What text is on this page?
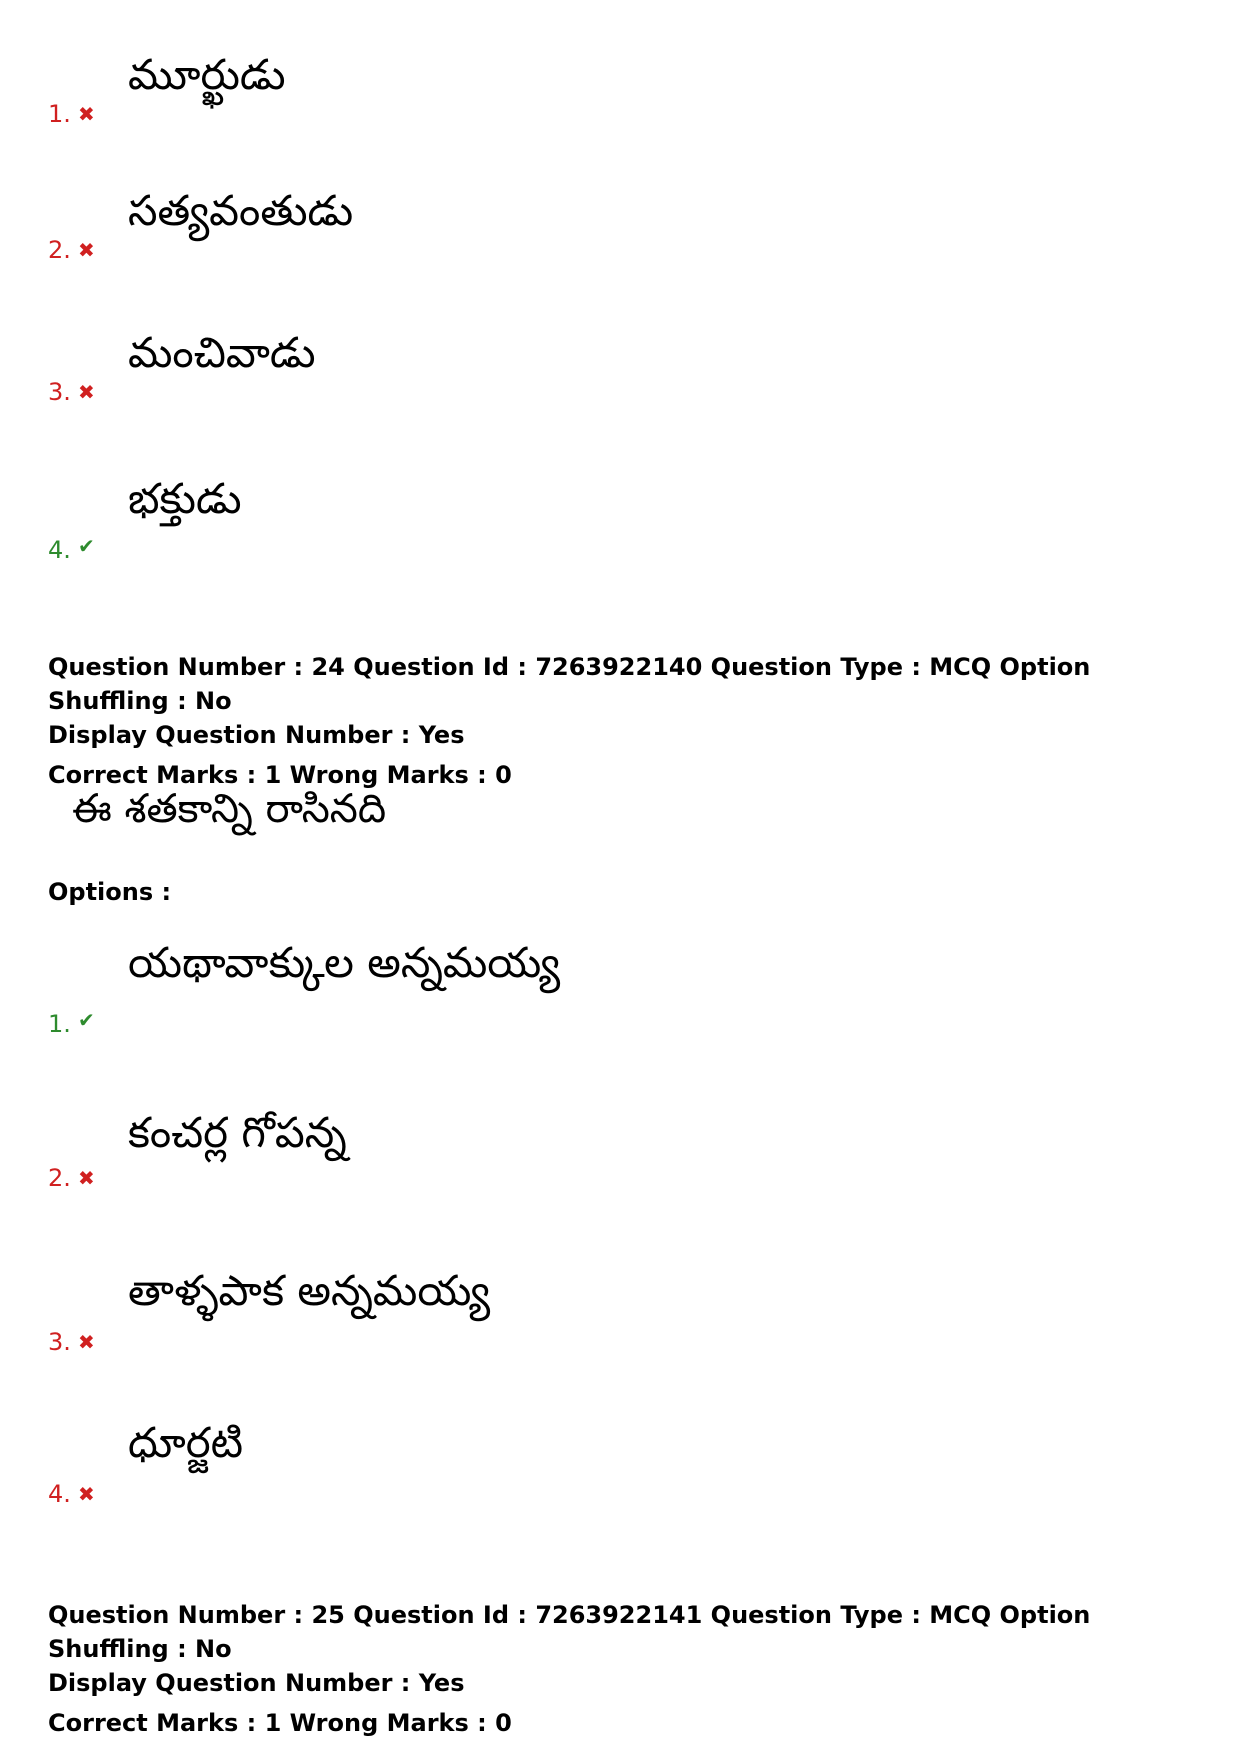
మూర్ఖుడు
1. ✖
సత్యవంతుడు
2. ✖
మంచివాడు
3. ✖
భక్తుడు
4. ✔
Question Number : 24 Question Id : 7263922140 Question Type : MCQ Option Shuffling : No
Display Question Number : Yes
Correct Marks : 1 Wrong Marks : 0
ఈ శతకాన్ని రాసినది
Options :
యథావాక్కుల అన్నమయ్య
1. ✔
కంచర్ల గోపన్న
2. ✖
తాళ్ళపాక అన్నమయ్య
3. ✖
ధూర్జటి
4. ✖
Question Number : 25 Question Id : 7263922141 Question Type : MCQ Option Shuffling : No
Display Question Number : Yes
Correct Marks : 1 Wrong Marks : 0
